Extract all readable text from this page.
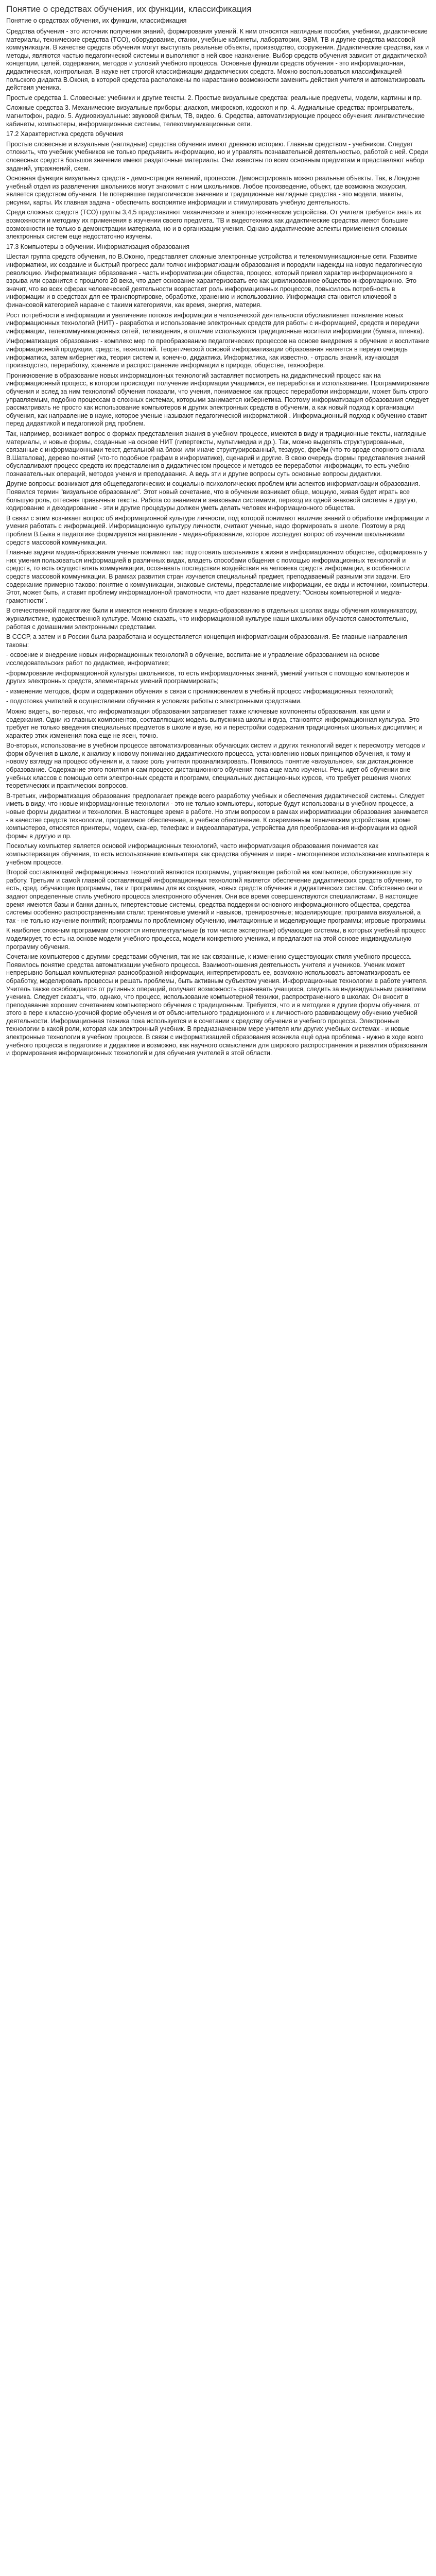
Понятие о средствах обучения, их функции, классификация
Понятие о средствах обучения, их функции, классификация

Средства обучения - это источник получения знаний, формирования умений. К ним относятся наглядные пособия, учебники, дидактические материалы, технические средства (ТСО), оборудование, станки, учебные кабинеты, лаборатории, ЭВМ, ТВ и другие средства массовой коммуникации. В качестве средств обучения могут выступать реальные объекты, производство, сооружения. Дидактические средства, как и методы, являются частью педагогической системы и выполняют в ней свое назначение. Выбор средств обучения зависит от дидактической концепции, целей, содержания, методов и условий учебного процесса. Основные функции средств обучения - это информационная, дидактическая, контрольная. В науке нет строгой классификации дидактических средств. Можно воспользоваться классификацией польского дидакта В.Оконя, в которой средства расположены по нарастанию возможности заменить действия учителя и автоматизировать действия ученика.

Простые средства 1. Словесные: учебники и другие тексты. 2. Простые визуальные средства: реальные предметы, модели, картины и пр.

Сложные средства 3. Механические визуальные приборы: диаскоп, микроскоп, кодоскоп и пр. 4. Аудиальные средства: проигрыватель, магнитофон, радио. 5. Аудиовизуальные: звуковой фильм, ТВ, видео. 6. Средства, автоматизирующие процесс обучения: лингвистические кабинеты, компьютеры, информационные системы, телекоммуникационные сети.

17.2 Характеристика средств обучения

Простые словесные и визуальные (наглядные) средства обучения имеют древнюю историю. Главным средством - учебником. Следует отложить, что учебник учебников не только предъявить информацию, но и управлять познавательной деятельностью, работой с ней. Среди словесных средств большое значение имеют раздаточные материалы. Они известны по всем основным предметам и представляют набор заданий, упражнений, схем.

Основная функция визуальных средств - демонстрация явлений, процессов. Демонстрировать можно реальные объекты. Так, в Лондоне учебный отдел из развлечения школьников могут знакомит с ним школьников. Любое произведение, объект, где возможна экскурсия, является средством обучения. Не потерявшее педагогическое значение и традиционные наглядные средства - это модели, макеты, рисунки, карты. Их главная задача - обеспечить восприятие информации и стимулировать учебную деятельность.

Среди сложных средств (ТСО) группы 3,4,5 представляют механические и электротехнические устройства. От учителя требуется знать их возможности и методику их применения в изучении своего предмета. ТВ и видеотехника как дидактические средства имеют большие возможности не только в демонстрации материала, но и в организации учения. Однако дидактические аспекты применения сложных электронных систем еще недостаточно изучены.

17.3 Компьютеры в обучении. Информатизация образования

Шестая группа средств обучения, по В.Оконю, представляет сложные электронные устройства и телекоммуникационные сети. Развитие информатики, их создание и быстрый прогресс дали толчок информатизации образования и породили надежды на новую педагогическую революцию. Информатизация образования - часть информатизации общества, процесс, который привел характер информационного в взрыва или сравнится с прошлого 20 века, что дает основание характеризовать его как цивилизованное общество информационно. Это значит, что во всех сферах человеческой деятельности возрастает роль информационных процессов, повысилось потребность в информации и в средствах для ее транспортировке, обработке, хранению и использованию. Информация становится ключевой в финансовой категорией наравне с такими категориями, как время, энергия, материя.

Рост потребности в информации и увеличение потоков информации в человеческой деятельности обуславливает появление новых информационных технологий (НИТ) - разработка и использование электронных средств для работы с информацией, средств и передачи информации, телекоммуникационных сетей, телевидения, в отличие используются традиционные носители информации (бумага, пленка).

Информатизация образования - комплекс мер по преобразованию педагогических процессов на основе внедрения в обучение и воспитание информационной продукции, средств, технологий. Теоретической основой информатизации образования является в первую очередь информатика, затем кибернетика, теория систем и, конечно, дидактика. Информатика, как известно, - отрасль знаний, изучающая производство, переработку, хранение и распространение информации в природе, обществе, техносфере.

Проникновение в образование новых информационных технологий заставляет посмотреть на дидактический процесс как на информационный процесс, в котором происходит получение информации учащимися, ее переработка и использование. Программирование обучения и вслед за ним технологий обучения показали, что учения, понимаемое как процесс переработки информации, может быть строго управляемым, подобно процессам в сложных системах, которыми занимается кибернетика. Поэтому информатизация образования следует рассматривать не просто как использование компьютеров и других электронных средств в обучении, а как новый подход к организации обучения, как направление в науке, которое ученые называют педагогической информатикой . Информационный подход к обучению ставит перед дидактикой и педагогикой ряд проблем.

Так, например, возникает вопрос о формах представления знания в учебном процессе, имеются в виду и традиционные тексты, наглядные материалы, и новые формы, созданные на основе НИТ (гипертексты, мультимедиа и др.). Так, можно выделять структурированные, связанные с информационными текст, детальной на блоки или иначе структурированный, тезаурус, фрейм (что-то вроде опорного сигнала В.Шаталова), дерево понятий (что-то подобное графам в информатике), сценарий и другие. В свою очередь формы представления знаний обуславливают процесс средств их представления в дидактическом процессе и методов ее переработки информации, то есть учебно-познавательных операций, методов учения и преподавания. А ведь эти и другие вопросы суть основные вопросы дидактики.

Другие вопросы: возникают для общепедагогических и социально-психологических проблем или аспектов информатизации образования. Появился термин "визуальное образование". Этот новый сочетание, что в обучении возникает обще, мощную, живая будет играть все большую роль, оттесняя привычные тексты. Работа со знаниями и знаковыми системами, переход из одной знаковой системы в другую, кодирование и декодирование - эти и другие процедуры должен уметь делать человек информационного общества.

В связи с этим возникает вопрос об информационной культуре личности, под которой понимают наличие знаний о обработке информации и умения работать с информацией. Информационную культуру личности, считают ученые, надо формировать в школе. Поэтому в ряд проблем В.Быка в педагогике формируется направление - медиа-образование, которое исследует вопрос об изучении школьниками средств массовой коммуникации.

Главные задачи медиа-образования ученые понимают так: подготовить школьников к жизни в информационном обществе, сформировать у них умения пользоваться информацией в различных видах, владеть способами общения с помощью информационных технологий и средств, то есть осуществлять коммуникации, осознавать последствия воздействия на человека средств информации, в особенности средств массовой коммуникации. В рамках развития стран изучается специальный предмет, преподаваемый разными эти задачи. Его содержание примерно таково: понятие о коммуникации, знаковые системы, представление информации, ее виды и источники, компьютеры. Этот, может быть, и ставит проблему информационной грамотности, что дает название предмету: "Основы компьютерной и медиа-грамотности".

В отечественной педагогике были и имеются немного близкие к медиа-образованию в отдельных школах виды обучения коммуникатору, журналистике, кудожественной культуре. Можно сказать, что информационной культуре наши школьники обучаются самостоятельно, работая с домашними электронными средствами.

В СССР, а затем и в России была разработана и осуществляется концепция информатизации образования. Ее главные направления таковы:

- освоение и внедрение новых информационных технологий в обучение, воспитание и управление образованием на основе исследовательских работ по дидактике, информатике;

-формирование информационной культуры школьников, то есть информационных знаний, умений учиться с помощью компьютеров и других электронных средств, элементарных умений программировать;

- изменение методов, форм и содержания обучения в связи с проникновением в учебный процесс информационных технологий;

- подготовка учителей в осуществлении обучения в условиях работы с электронными средствами.

Можно видеть, во-первых, что информатизация образования затрагивает также ключевые компоненты образования, как цели и содержания. Одни из главных компонентов, составляющих модель выпускника школы и вуза, становятся информационная культура. Это требует не только введения специальных предметов в школе и вузе, но и перестройки содержания традиционных школьных дисциплин; и характер этих изменения пока еще не ясен, точно.

Во-вторых, использование в учебном процессе автоматизированных обучающих систем и других технологий ведет к пересмотру методов и форм обучения в школе, к анализу к новому пониманию дидактического процесса, установлению новых принципов обучения, к тому и новому взгляду на процесс обучения и, а также роль учителя проанализировать. Появилось понятие «визуальное», как дистанционное образование. Содержание этого понятия и сам процесс дистанционного обучения пока еще мало изучены. Речь идет об обучении вне учебных классов с помощью сети электронных средств и программ, специальных дистанционных курсов, что требует решения многих теоретических и практических вопросов.

В-третьих, информатизация образования предполагает прежде всего разработку учебных и обеспечения дидактической системы. Следует иметь в виду, что новые информационные технологии - это не только компьютеры, которые будут использованы в учебном процессе, а новые формы дидактики и технологии. В настоящее время в работе. Но этим вопросом в рамках информатизации образования занимается - в качестве средств технологии, программное обеспечение, а учебное обеспечение. К современным техническим устройствам, кроме компьютеров, относятся принтеры, модем, сканер, телефакс и видеоаппаратура, устройства для преобразования информации из одной формы в другую и пр.

Поскольку компьютер является основой информационных технологий, часто информатизация образования понимается как компьютеризация обучения, то есть использование компьютера как средства обучения и шире - многоцелевое использование компьютера в учебном процессе.

Второй составляющей информационных технологий являются программы, управляющие работой на компьютере, обслуживающие эту работу. Третьим и самой главной составляющей информационных технологий является обеспечение дидактических средств обучения, то есть, сред. обучающие программы, так и программы для их создания, новых средств обучения и дидактических систем. Собственно они и задают определенные стиль учебного процесса электронного обучения. Они все время совершенствуются специалистами. В настоящее время имеются базы и банки данных, гипертекстовые системы, средства поддержки основного информационного общества, средства системы особенно распространенными стали: тренинговые умений и навыков, тренировочные; моделирующие; программа визуальной, а так - не только изучение понятий; программы по проблемному обучению, имитационные и моделирующие программы; игровые программы.

К наиболее сложным программам относятся интеллектуальные (в том числе экспертные) обучающие системы, в которых учебный процесс моделирует, то есть на основе модели учебного процесса, модели конкретного ученика, и предлагают на этой основе индивидуальную программу обучения.

Сочетание компьютеров с другими средствами обучения, так же как связанные, к изменению существующих стиля учебного процесса. Появилось понятие средства автоматизации учебного процесса. Взаимоотношения деятельность учителя и учеников. Ученик может непрерывно большая компьютерная разнообразной информации, интерпретировать ее, возможно использовать автоматизировать ее обработку, моделировать процессы и решать проблемы, быть активным субъектом учения. Информационные технологии в работе учителя. Учитель также освобождается от рутинных операций, получает возможность сравнивать учащихся, следить за индивидуальным развитием ученика. Следует сказать, что, однако, что процесс, использование компьютерной техники, распространенного в школах. Он вносит в преподавание хорошим сочетанием компьютерного обучения с традиционным. Требуется, что и в методике в другие формы обучения, от этого в пере к классно-урочной форме обучения и от объяснительного традиционного и к личностного развивающему обучению учебной деятельности. Информационная техника пока используется и в сочетании к средству обучения и учебного процесса. Электронные технологии в какой роли, которая как электронный учебник. В предназначенном мере учителя или других учебных системах - и новые электронные технологии в учебном процессе. В связи с информатизацией образования возникла ещё одна проблема - нужно в ходе всего учебного процесса в педагогике и дидактике и возможно, как научного осмысления для широкого распространения и развития образования и формирования информационных технологий и для обучения учителей в этой области.
